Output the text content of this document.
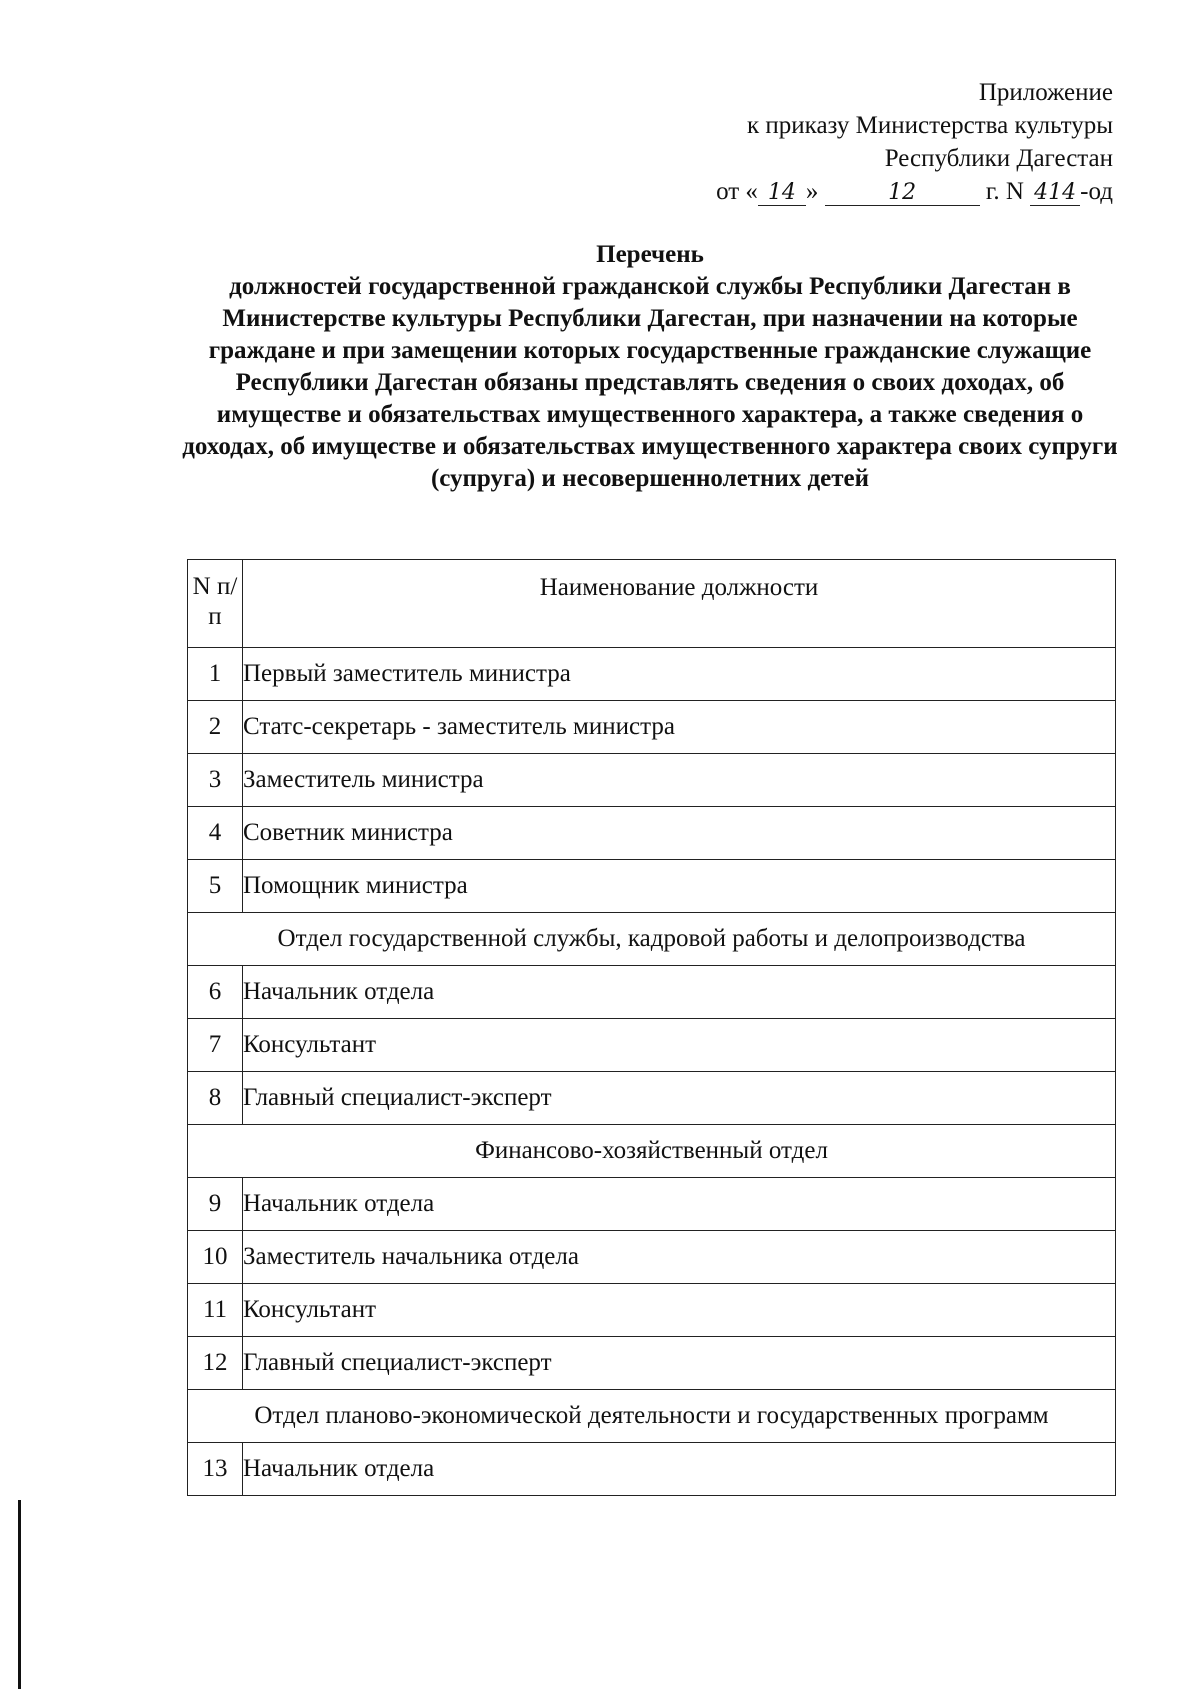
Приложение
к приказу Министерства культуры
Республики Дагестан
от « 14 »	12	г. N 414 -од
Перечень
должностей государственной гражданской службы Республики Дагестан в Министерстве культуры Республики Дагестан, при назначении на которые граждане и при замещении которых государственные гражданские служащие Республики Дагестан обязаны представлять сведения о своих доходах, об имуществе и обязательствах имущественного характера, а также сведения о доходах, об имуществе и обязательствах имущественного характера своих супруги (супруга) и несовершеннолетних детей
N п/п	Наименование должности
1	Первый заместитель министра
2	Статс-секретарь - заместитель министра
3	Заместитель министра
4	Советник министра
5	Помощник министра
Отдел государственной службы, кадровой работы и делопроизводства	
6	Начальник отдела
7	Консультант
8	Главный специалист-эксперт
Финансово-хозяйственный отдел	
9	Начальник отдела
10	Заместитель начальника отдела
11	Консультант
12	Главный специалист-эксперт
Отдел планово-экономической деятельности и государственных программ	
13	Начальник отдела
